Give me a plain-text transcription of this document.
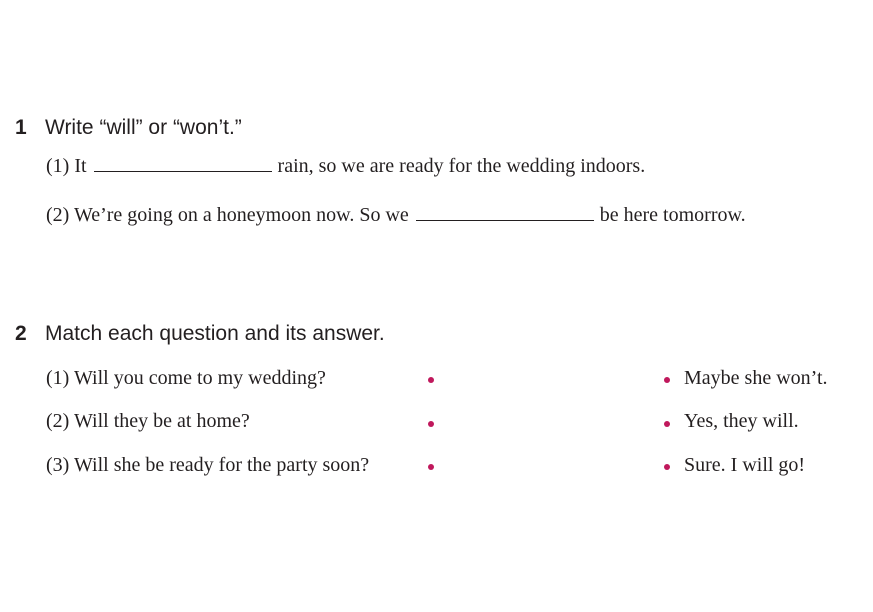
1 Write “will” or “won’t.”
(1) It	rain, so we are ready for the wedding indoors.
(2) We’re going on a honeymoon now. So we	be here tomorrow.
2 Match each question and its answer.
(1) Will you come to my wedding?
(2) Will they be at home?
(3) Will she be ready for the party soon?
Maybe she won’t.
Yes, they will.
Sure. I will go!
